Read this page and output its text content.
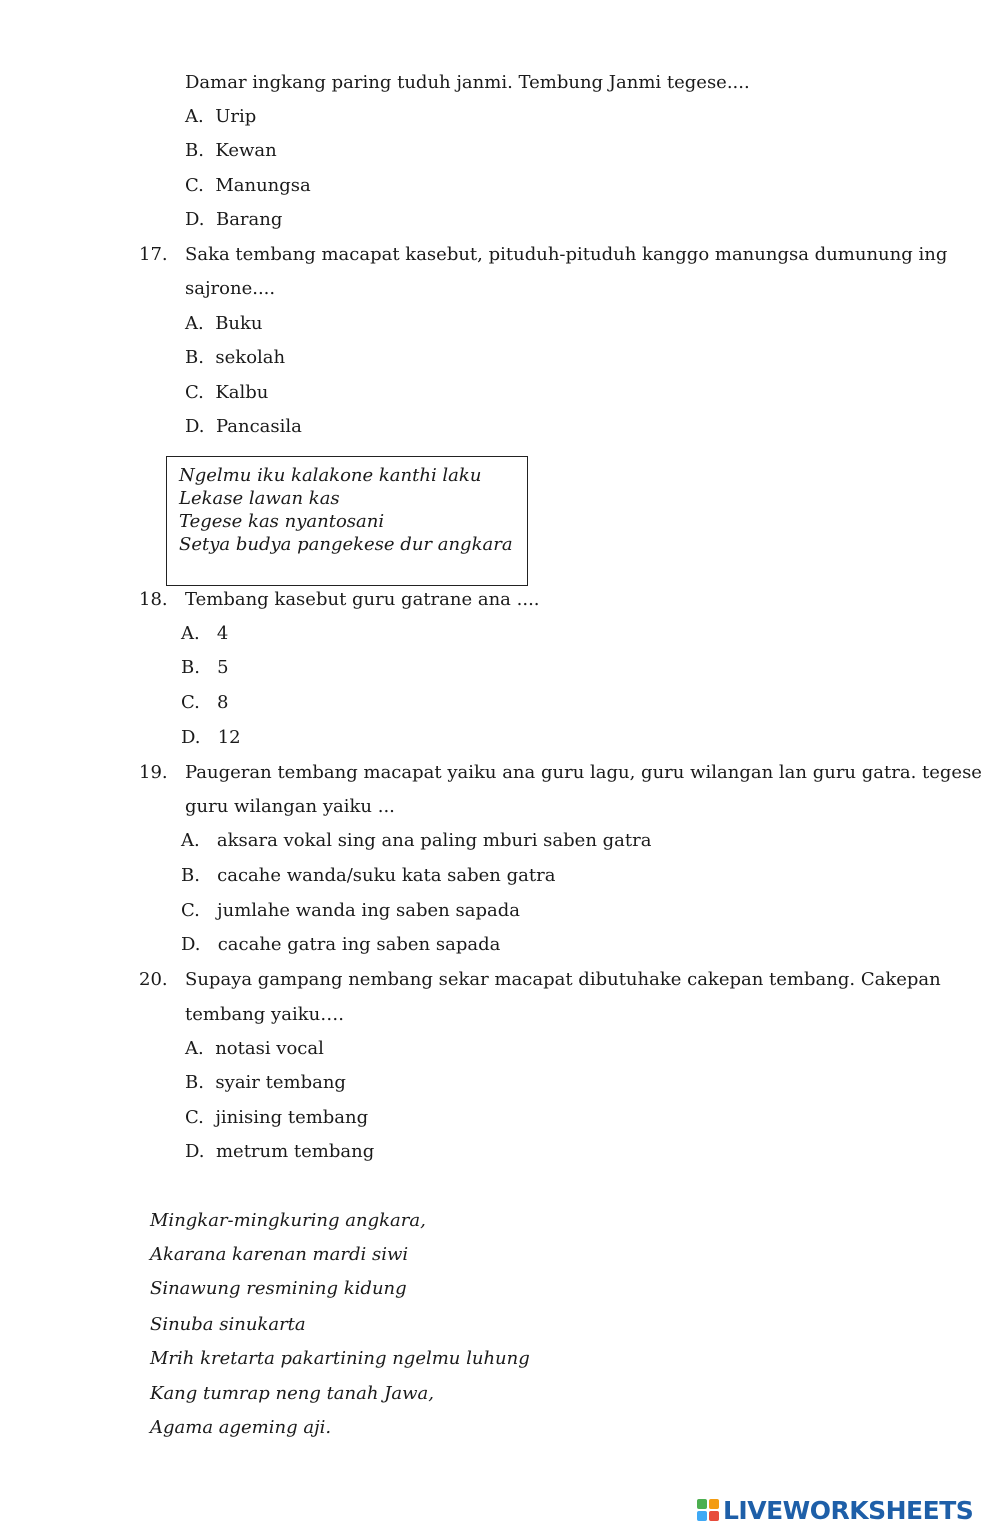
Damar ingkang paring tuduh janmi. Tembung Janmi tegese....
A. Urip
B. Kewan
C. Manungsa
D. Barang
17. Saka tembang macapat kasebut, pituduh-pituduh kanggo manungsa dumunung ing
sajrone....
A. Buku
B. sekolah
C. Kalbu
D.  Pancasila
Ngelmu iku kalakone kanthi laku
Lekase lawan kas
Tegese kas nyantosani
Setya budya pangekese dur angkara
18. Tembang kasebut guru gatrane ana ....
A. 4
B. 5
C. 8
D. 12
19. Paugeran tembang macapat yaiku ana guru lagu, guru wilangan lan guru gatra. tegese
guru wilangan yaiku ...
A. aksara vokal sing ana paling mburi saben gatra
B. cacahe wanda/suku kata saben gatra
C. jumlahe wanda ing saben sapada
D. cacahe gatra ing saben sapada
20. Supaya gampang nembang sekar macapat dibutuhake cakepan tembang. Cakepan
tembang yaiku….
A. notasi vocal
B. syair tembang
C. jinising tembang
D. metrum tembang
Mingkar-mingkuring angkara,
Akarana karenan mardi siwi
Sinawung resmining kidung
Sinuba sinukarta
Mrih kretarta pakartining ngelmu luhung
Kang tumrap neng tanah Jawa,
Agama ageming aji.
LIVEWORKSHEETS
